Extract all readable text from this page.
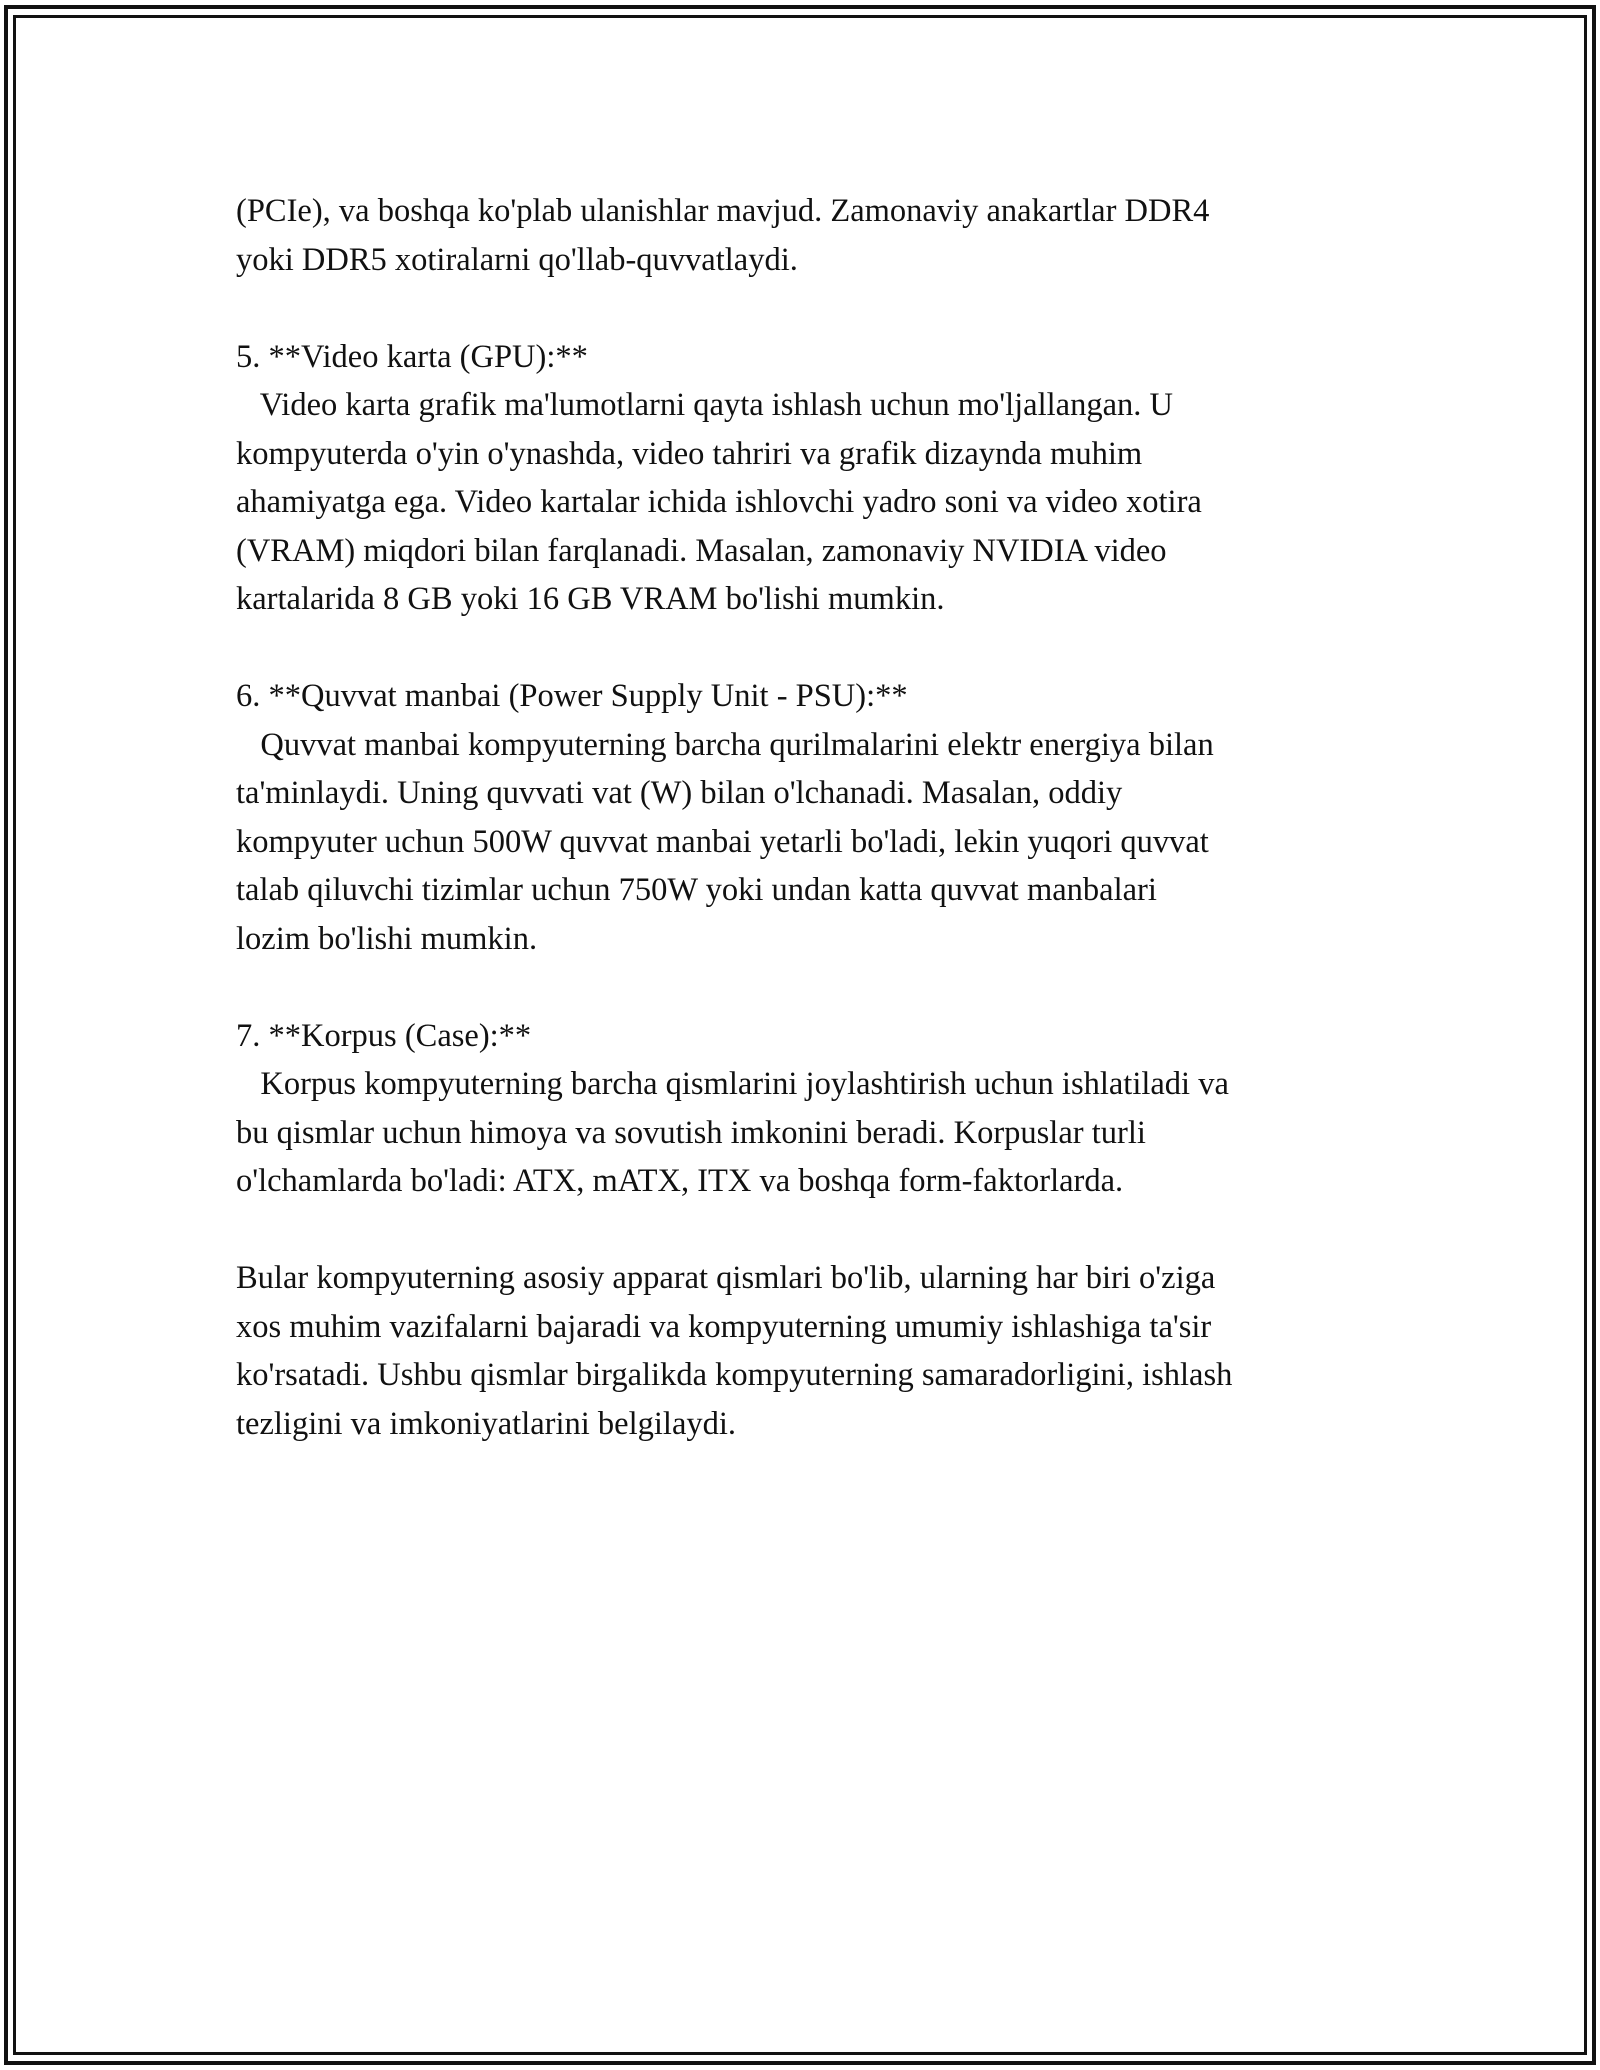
(PCIe), va boshqa ko'plab ulanishlar mavjud. Zamonaviy anakartlar DDR4
yoki DDR5 xotiralarni qo'llab-quvvatlaydi.

5. **Video karta (GPU):**
Video karta grafik ma'lumotlarni qayta ishlash uchun mo'ljallangan. U
kompyuterda o'yin o'ynashda, video tahriri va grafik dizaynda muhim
ahamiyatga ega. Video kartalar ichida ishlovchi yadro soni va video xotira
(VRAM) miqdori bilan farqlanadi. Masalan, zamonaviy NVIDIA video
kartalarida 8 GB yoki 16 GB VRAM bo'lishi mumkin.

6. **Quvvat manbai (Power Supply Unit - PSU):**
Quvvat manbai kompyuterning barcha qurilmalarini elektr energiya bilan
ta'minlaydi. Uning quvvati vat (W) bilan o'lchanadi. Masalan, oddiy
kompyuter uchun 500W quvvat manbai yetarli bo'ladi, lekin yuqori quvvat
talab qiluvchi tizimlar uchun 750W yoki undan katta quvvat manbalari
lozim bo'lishi mumkin.

7. **Korpus (Case):**
Korpus kompyuterning barcha qismlarini joylashtirish uchun ishlatiladi va
bu qismlar uchun himoya va sovutish imkonini beradi. Korpuslar turli
o'lchamlarda bo'ladi: ATX, mATX, ITX va boshqa form-faktorlarda.

Bular kompyuterning asosiy apparat qismlari bo'lib, ularning har biri o'ziga
xos muhim vazifalarni bajaradi va kompyuterning umumiy ishlashiga ta'sir
ko'rsatadi. Ushbu qismlar birgalikda kompyuterning samaradorligini, ishlash
tezligini va imkoniyatlarini belgilaydi.
